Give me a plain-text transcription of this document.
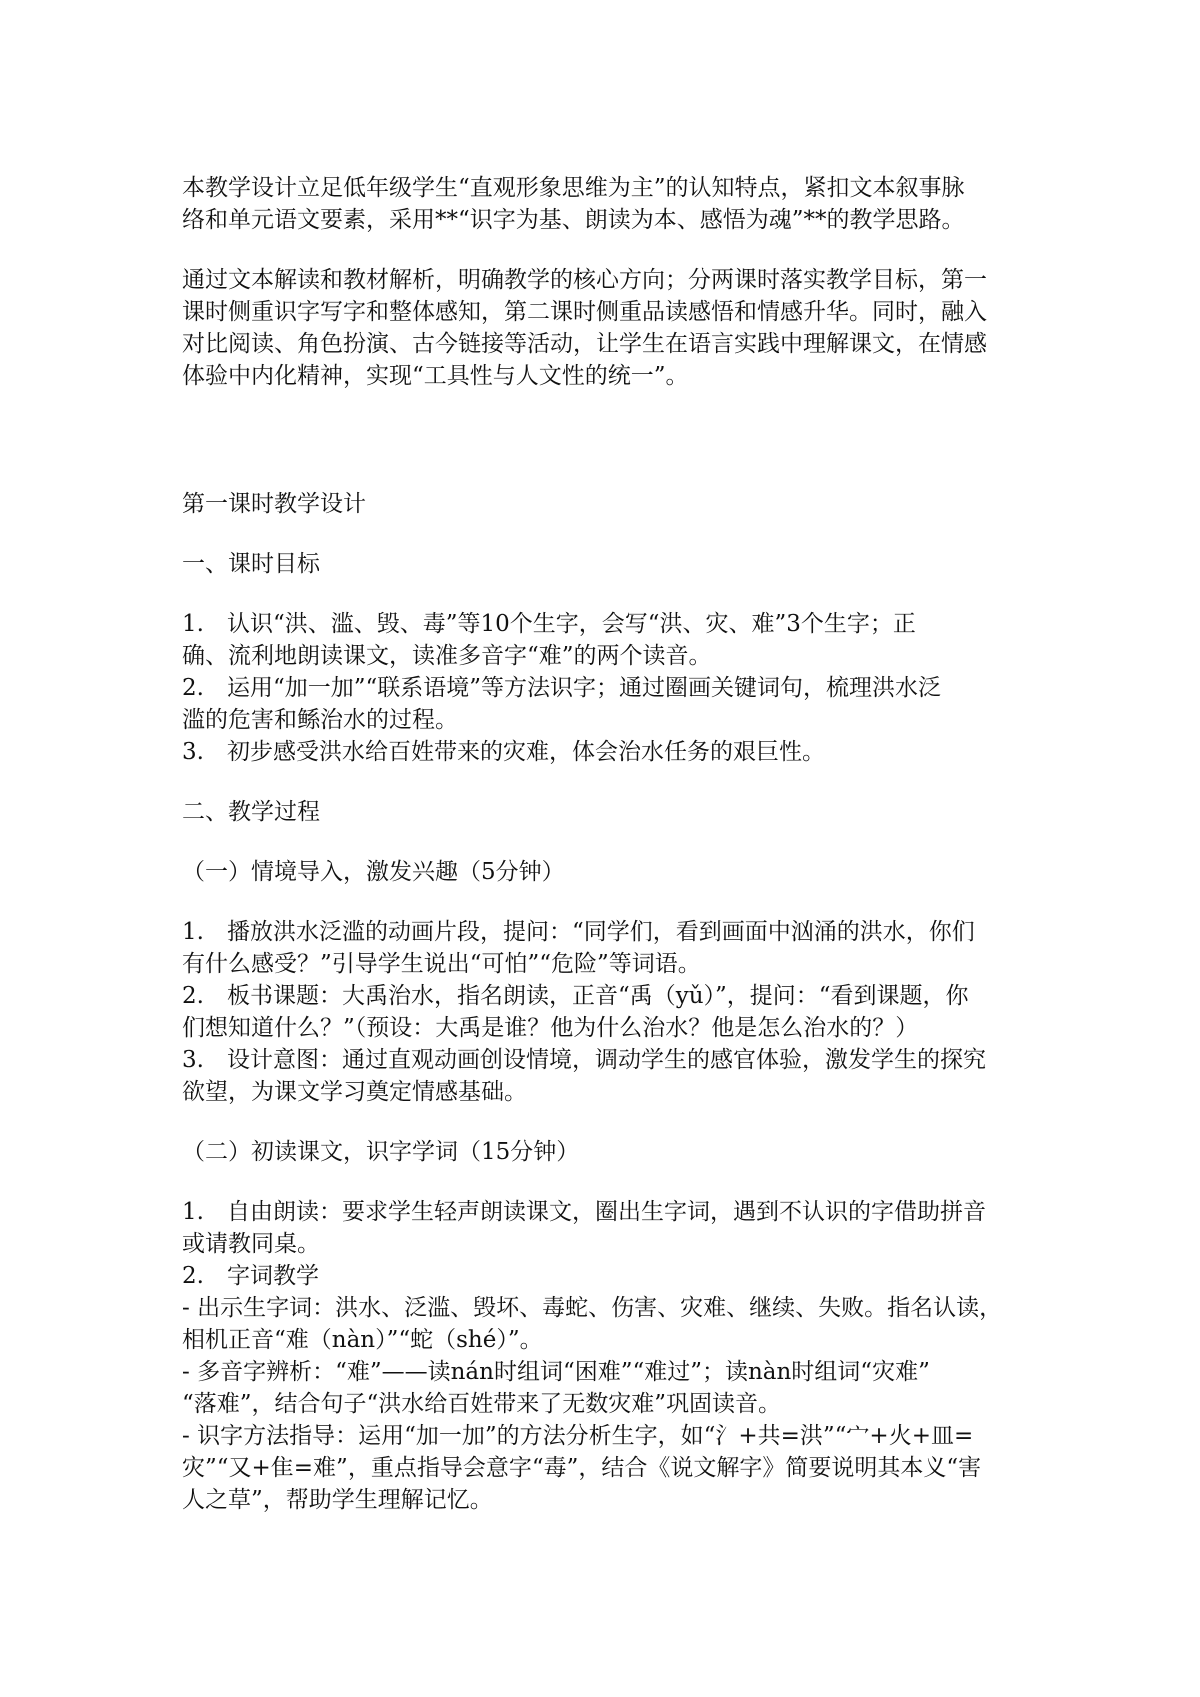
本教学设计立足低年级学生“直观形象思维为主”的认知特点，紧扣文本叙事脉
络和单元语文要素，采用**“识字为基、朗读为本、感悟为魂”**的教学思路。
通过文本解读和教材解析，明确教学的核心方向；分两课时落实教学目标，第一
课时侧重识字写字和整体感知，第二课时侧重品读感悟和情感升华。同时，融入
对比阅读、角色扮演、古今链接等活动，让学生在语言实践中理解课文，在情感
体验中内化精神，实现“工具性与人文性的统一”。
第一课时教学设计
一、课时目标
1.　认识“洪、滥、毁、毒”等10个生字，会写“洪、灾、难”3个生字；正
确、流利地朗读课文，读准多音字“难”的两个读音。
2.　运用“加一加”“联系语境”等方法识字；通过圈画关键词句，梳理洪水泛
滥的危害和鲧治水的过程。
3.　初步感受洪水给百姓带来的灾难，体会治水任务的艰巨性。
二、教学过程
（一）情境导入，激发兴趣（5分钟）
1.　播放洪水泛滥的动画片段，提问：“同学们，看到画面中汹涌的洪水，你们
有什么感受？”引导学生说出“可怕”“危险”等词语。
2.　板书课题：大禹治水，指名朗读，正音“禹（yǔ）”，提问：“看到课题，你
们想知道什么？”（预设：大禹是谁？他为什么治水？他是怎么治水的？）
3.　设计意图：通过直观动画创设情境，调动学生的感官体验，激发学生的探究
欲望，为课文学习奠定情感基础。
（二）初读课文，识字学词（15分钟）
1.　自由朗读：要求学生轻声朗读课文，圈出生字词，遇到不认识的字借助拼音
或请教同桌。
2.　字词教学
- 出示生字词：洪水、泛滥、毁坏、毒蛇、伤害、灾难、继续、失败。指名认读，
相机正音“难（nàn）”“蛇（shé）”。
- 多音字辨析：“难”——读nán时组词“困难”“难过”；读nàn时组词“灾难”
“落难”，结合句子“洪水给百姓带来了无数灾难”巩固读音。
- 识字方法指导：运用“加一加”的方法分析生字，如“氵+共=洪”“宀+火+皿=
灾”“又+隹=难”，重点指导会意字“毒”，结合《说文解字》简要说明其本义“害
人之草”，帮助学生理解记忆。
